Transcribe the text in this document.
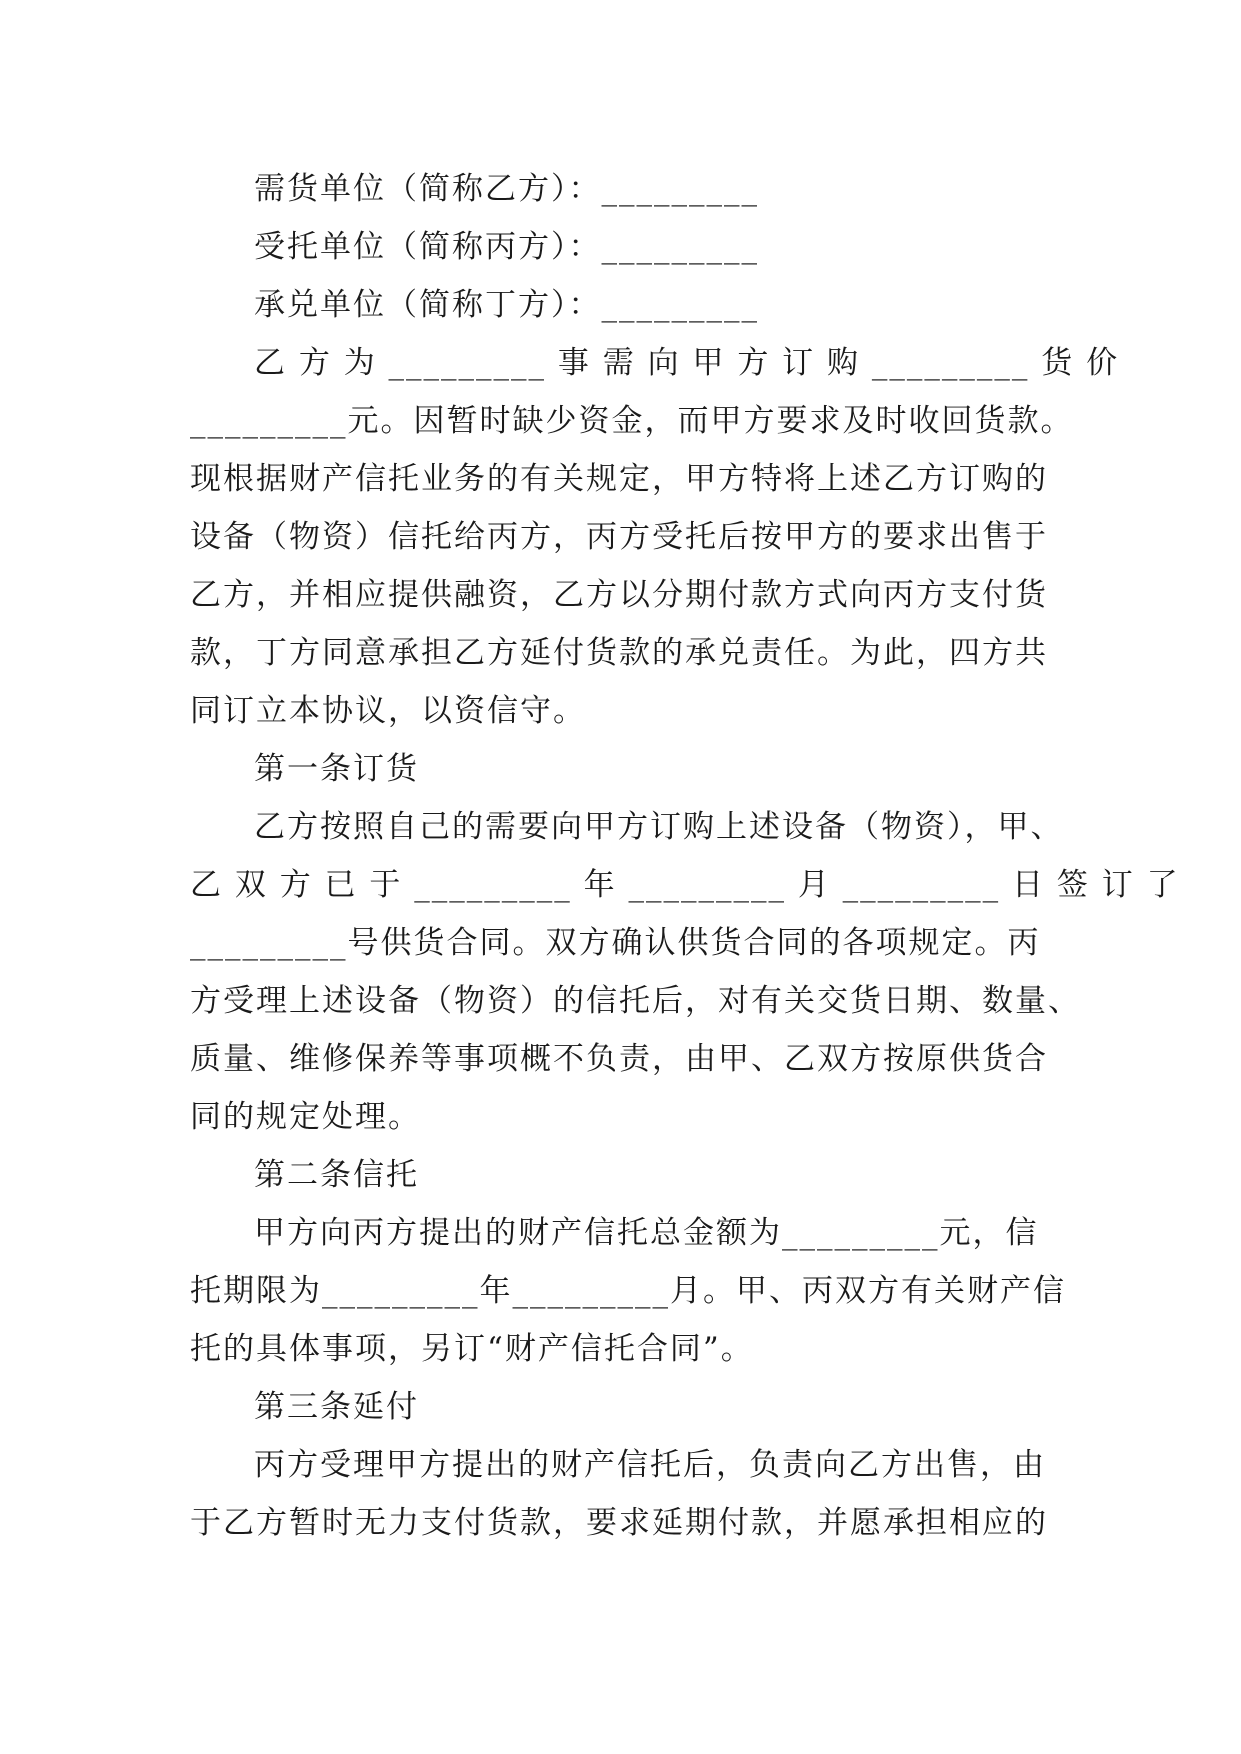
需货单位（简称乙方）：_________
受托单位（简称丙方）：_________
承兑单位（简称丁方）：_________
乙 方 为 _________ 事 需 向 甲 方 订 购 _________ 货 价
_________元。因暂时缺少资金，而甲方要求及时收回货款。
现根据财产信托业务的有关规定，甲方特将上述乙方订购的
设备（物资）信托给丙方，丙方受托后按甲方的要求出售于
乙方，并相应提供融资，乙方以分期付款方式向丙方支付货
款，丁方同意承担乙方延付货款的承兑责任。为此，四方共
同订立本协议，以资信守。
第一条订货
乙方按照自己的需要向甲方订购上述设备（物资），甲、
乙 双 方 已 于 _________ 年 _________ 月 _________ 日 签 订 了
_________号供货合同。双方确认供货合同的各项规定。丙
方受理上述设备（物资）的信托后，对有关交货日期、数量、
质量、维修保养等事项概不负责，由甲、乙双方按原供货合
同的规定处理。
第二条信托
甲方向丙方提出的财产信托总金额为_________元，信
托期限为_________年_________月。甲、丙双方有关财产信
托的具体事项，另订“财产信托合同”。
第三条延付
丙方受理甲方提出的财产信托后，负责向乙方出售，由
于乙方暂时无力支付货款，要求延期付款，并愿承担相应的
